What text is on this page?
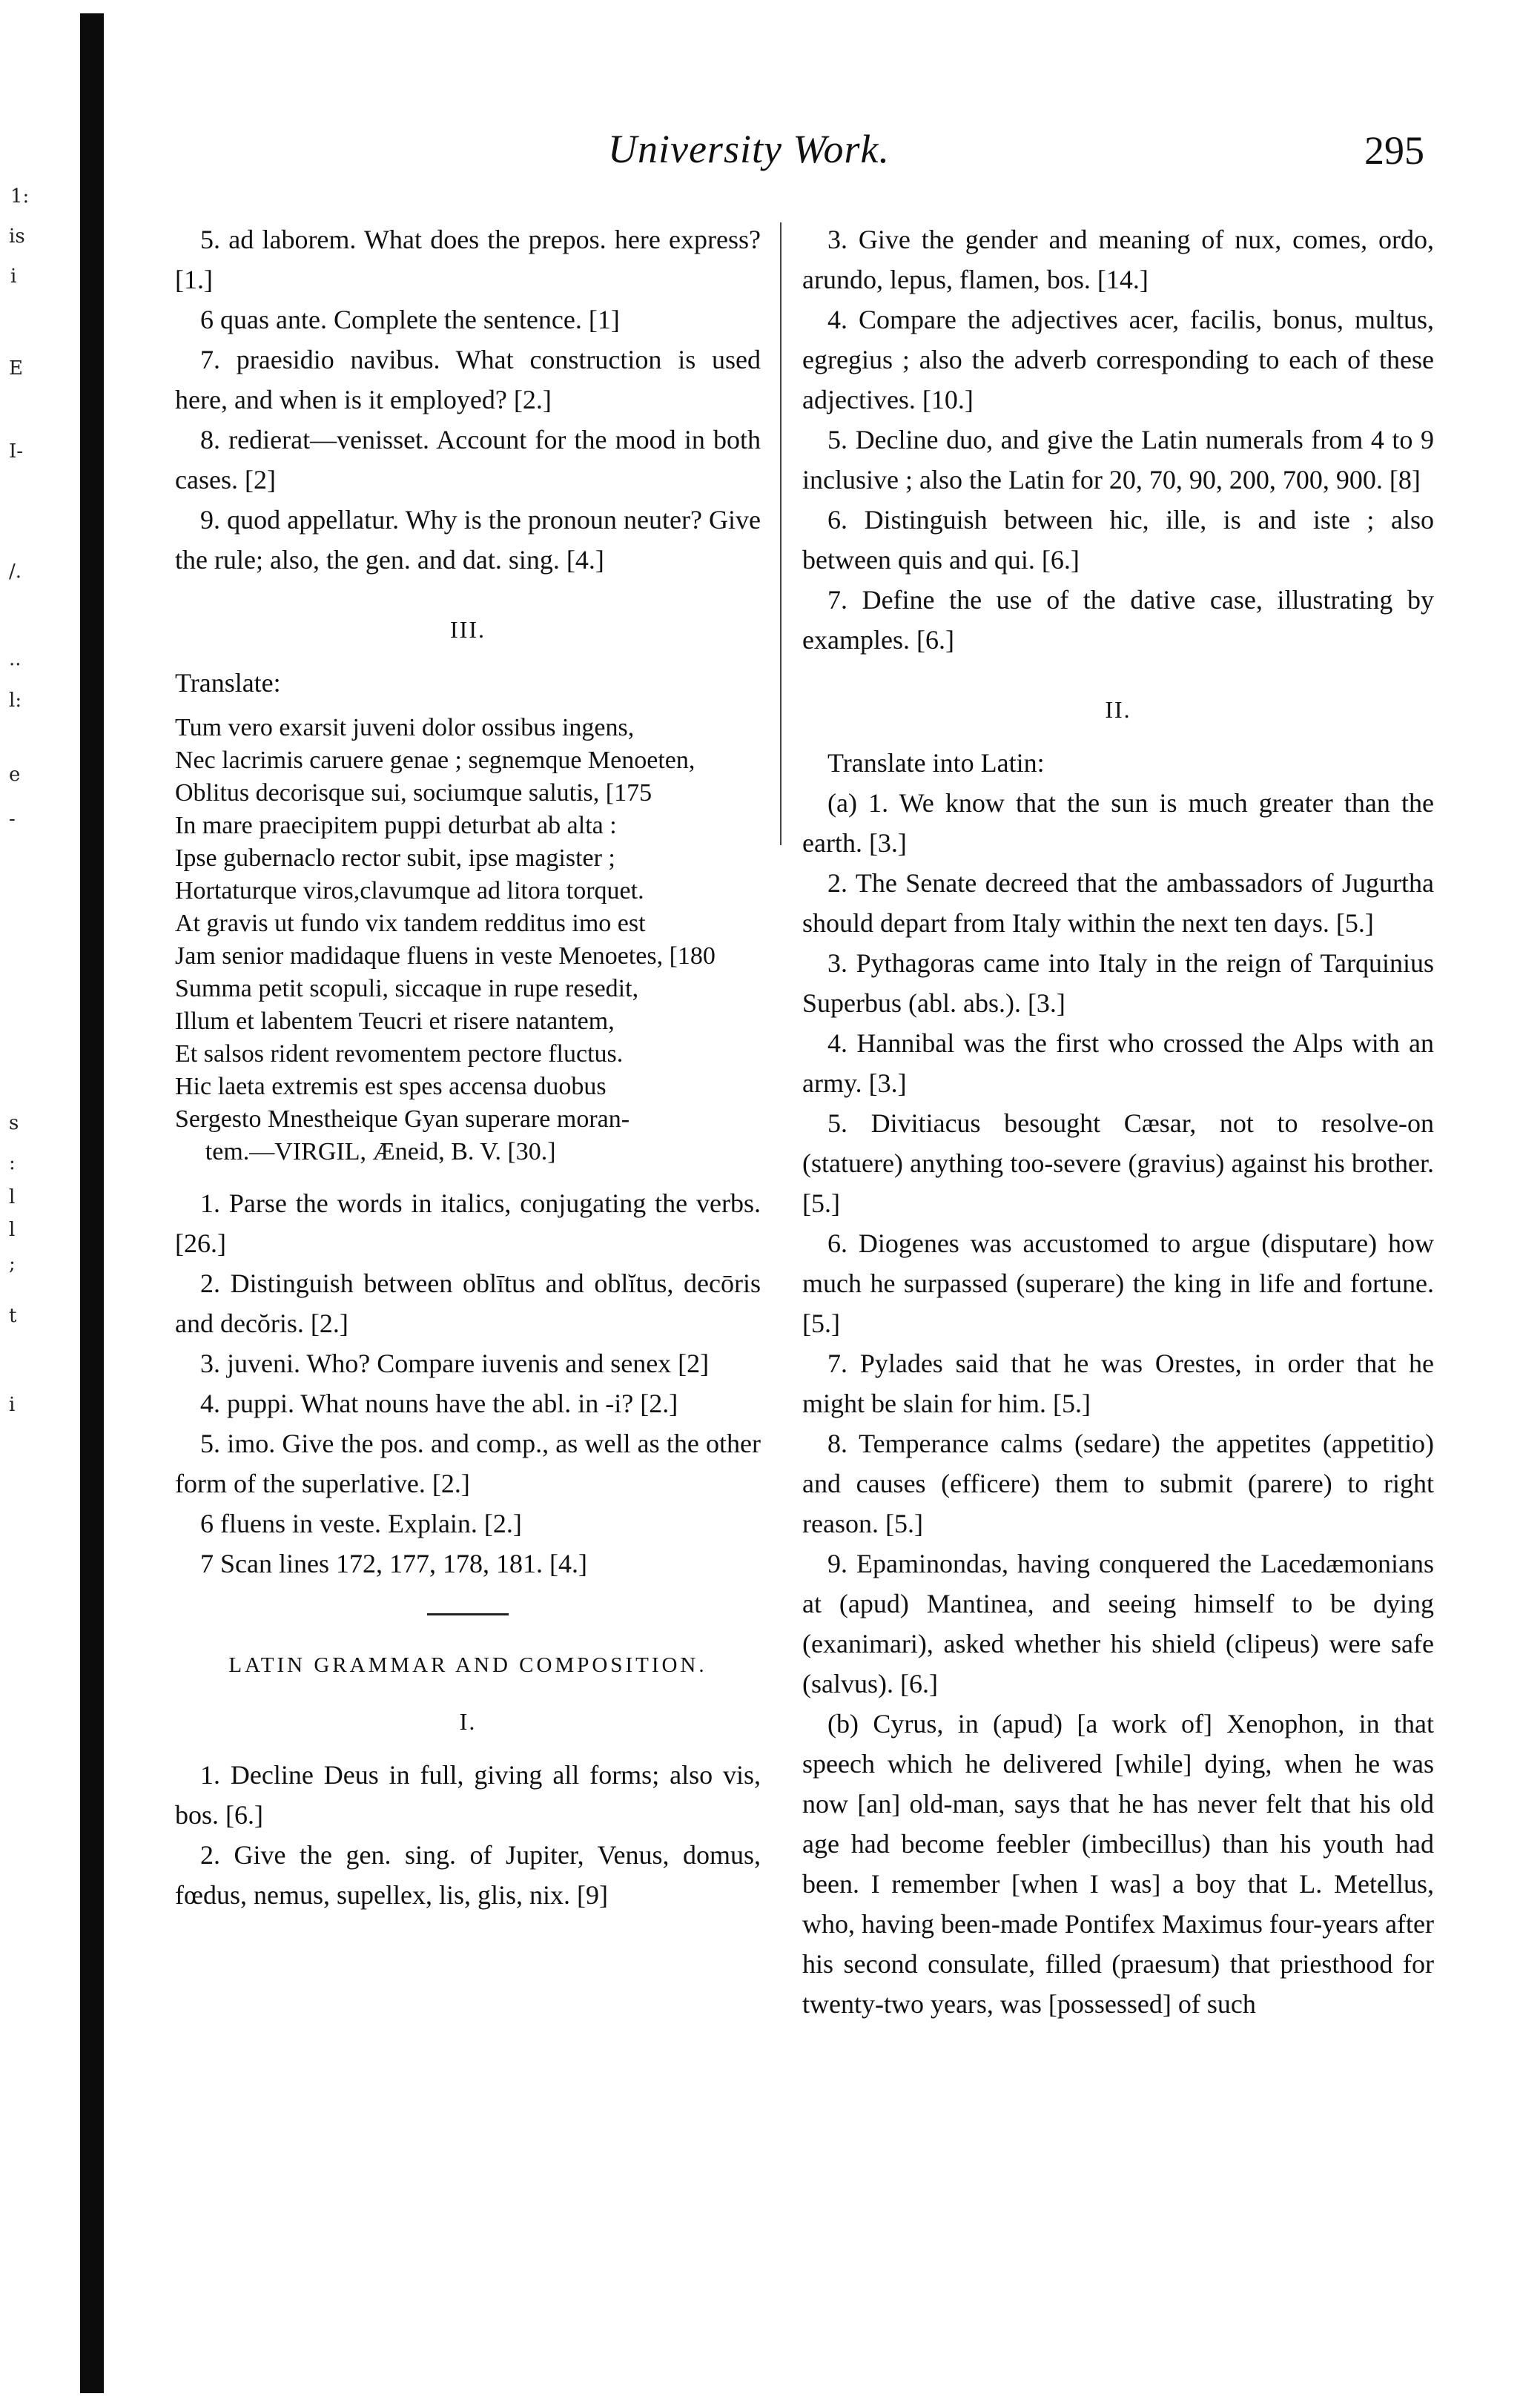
1:
is
i
E
I-
/.
..
l:
e
-
s
:
l
l
;
t
i
University Work.	295

5. ad laborem. What does the prepos. here express? [1.]

6 quas ante. Complete the sentence. [1]

7. praesidio navibus. What construction is used here, and when is it employed? [2.]

8. redierat—venisset. Account for the mood in both cases. [2]

9. quod appellatur. Why is the pronoun neuter? Give the rule; also, the gen. and dat. sing. [4.]

III.

Translate:

Tum vero exarsit juveni dolor ossibus ingens,
Nec lacrimis caruere genae ; segnemque Menoeten,
Oblitus decorisque sui, sociumque salutis, [175
In mare praecipitem puppi deturbat ab alta :
Ipse gubernaclo rector subit, ipse magister ;
Hortaturque viros,clavumque ad litora torquet.
At gravis ut fundo vix tandem redditus imo est
Jam senior madidaque fluens in veste Menoetes, [180
Summa petit scopuli, siccaque in rupe resedit,
Illum et labentem Teucri et risere natantem,
Et salsos rident revomentem pectore fluctus.
Hic laeta extremis est spes accensa duobus
Sergesto Mnestheique Gyan superare moran-
tem.—VIRGIL, Æneid, B. V. [30.]

1. Parse the words in italics, conjugating the verbs. [26.]

2. Distinguish between oblītus and oblĭtus, decōris and decŏris. [2.]

3. juveni. Who? Compare iuvenis and senex [2]

4. puppi. What nouns have the abl. in -i? [2.]

5. imo. Give the pos. and comp., as well as the other form of the superlative. [2.]

6 fluens in veste. Explain. [2.]

7 Scan lines 172, 177, 178, 181. [4.]

LATIN GRAMMAR AND COMPOSITION.
I.

1. Decline Deus in full, giving all forms; also vis, bos. [6.]

2. Give the gen. sing. of Jupiter, Venus, domus, fœdus, nemus, supellex, lis, glis, nix. [9]

3. Give the gender and meaning of nux, comes, ordo, arundo, lepus, flamen, bos. [14.]

4. Compare the adjectives acer, facilis, bonus, multus, egregius ; also the adverb corresponding to each of these adjectives. [10.]

5. Decline duo, and give the Latin numerals from 4 to 9 inclusive ; also the Latin for 20, 70, 90, 200, 700, 900. [8]

6. Distinguish between hic, ille, is and iste ; also between quis and qui. [6.]

7. Define the use of the dative case, illustrating by examples. [6.]

II.

Translate into Latin:

(a) 1. We know that the sun is much greater than the earth. [3.]

2. The Senate decreed that the ambassadors of Jugurtha should depart from Italy within the next ten days. [5.]

3. Pythagoras came into Italy in the reign of Tarquinius Superbus (abl. abs.). [3.]

4. Hannibal was the first who crossed the Alps with an army. [3.]

5. Divitiacus besought Cæsar, not to resolve-on (statuere) anything too-severe (gravius) against his brother. [5.]

6. Diogenes was accustomed to argue (disputare) how much he surpassed (superare) the king in life and fortune. [5.]

7. Pylades said that he was Orestes, in order that he might be slain for him. [5.]

8. Temperance calms (sedare) the appetites (appetitio) and causes (efficere) them to submit (parere) to right reason. [5.]

9. Epaminondas, having conquered the Lacedæmonians at (apud) Mantinea, and seeing himself to be dying (exanimari), asked whether his shield (clipeus) were safe (salvus). [6.]

(b) Cyrus, in (apud) [a work of] Xenophon, in that speech which he delivered [while] dying, when he was now [an] old-man, says that he has never felt that his old age had become feebler (imbecillus) than his youth had been. I remember [when I was] a boy that L. Metellus, who, having been-made Pontifex Maximus four-years after his second consulate, filled (praesum) that priesthood for twenty-two years, was [possessed] of such
